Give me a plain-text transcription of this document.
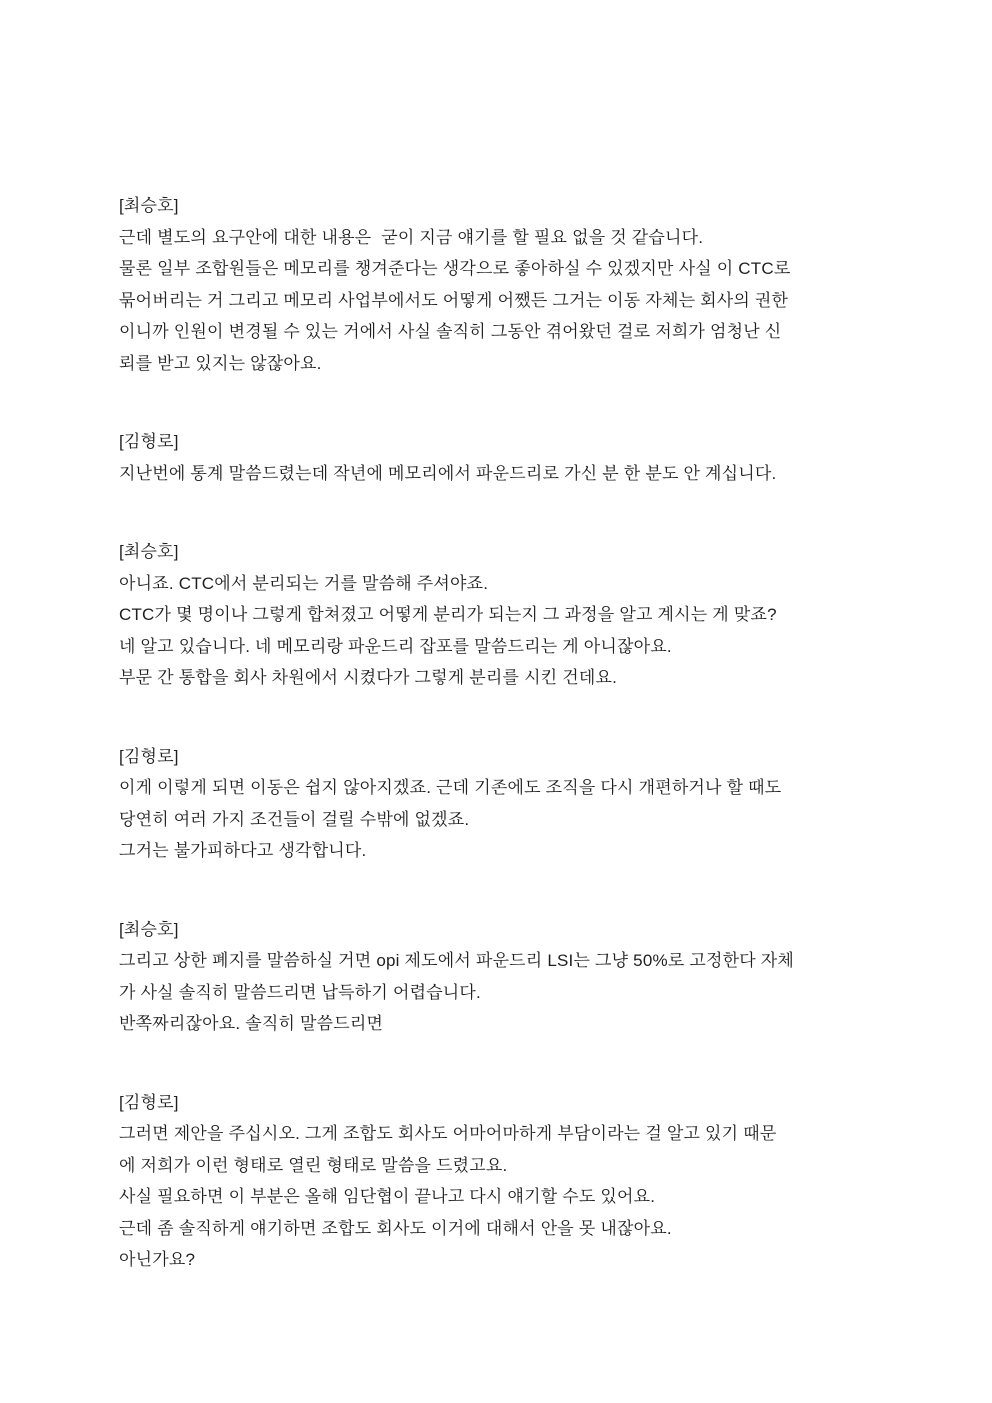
[최승호]
근데 별도의 요구안에 대한 내용은  굳이 지금 얘기를 할 필요 없을 것 같습니다.
물론 일부 조합원들은 메모리를 챙겨준다는 생각으로 좋아하실 수 있겠지만 사실 이 CTC로
묶어버리는 거 그리고 메모리 사업부에서도 어떻게 어쨌든 그거는 이동 자체는 회사의 권한
이니까 인원이 변경될 수 있는 거에서 사실 솔직히 그동안 겪어왔던 걸로 저희가 엄청난 신
뢰를 받고 있지는 않잖아요.
[김형로]
지난번에 통계 말씀드렸는데 작년에 메모리에서 파운드리로 가신 분 한 분도 안 계십니다.
[최승호]
아니죠. CTC에서 분리되는 거를 말씀해 주셔야죠.
CTC가 몇 명이나 그렇게 합쳐졌고 어떻게 분리가 되는지 그 과정을 알고 계시는 게 맞죠?
네 알고 있습니다. 네 메모리랑 파운드리 잡포를 말씀드리는 게 아니잖아요.
부문 간 통합을 회사 차원에서 시켰다가 그렇게 분리를 시킨 건데요.
[김형로]
이게 이렇게 되면 이동은 쉽지 않아지겠죠. 근데 기존에도 조직을 다시 개편하거나 할 때도
당연히 여러 가지 조건들이 걸릴 수밖에 없겠죠.
그거는 불가피하다고 생각합니다.
[최승호]
그리고 상한 폐지를 말씀하실 거면 opi 제도에서 파운드리 LSI는 그냥 50%로 고정한다 자체
가 사실 솔직히 말씀드리면 납득하기 어렵습니다.
반쪽짜리잖아요. 솔직히 말씀드리면
[김형로]
그러면 제안을 주십시오. 그게 조합도 회사도 어마어마하게 부담이라는 걸 알고 있기 때문
에 저희가 이런 형태로 열린 형태로 말씀을 드렸고요.
사실 필요하면 이 부분은 올해 임단협이 끝나고 다시 얘기할 수도 있어요.
근데 좀 솔직하게 얘기하면 조합도 회사도 이거에 대해서 안을 못 내잖아요.
아닌가요?
